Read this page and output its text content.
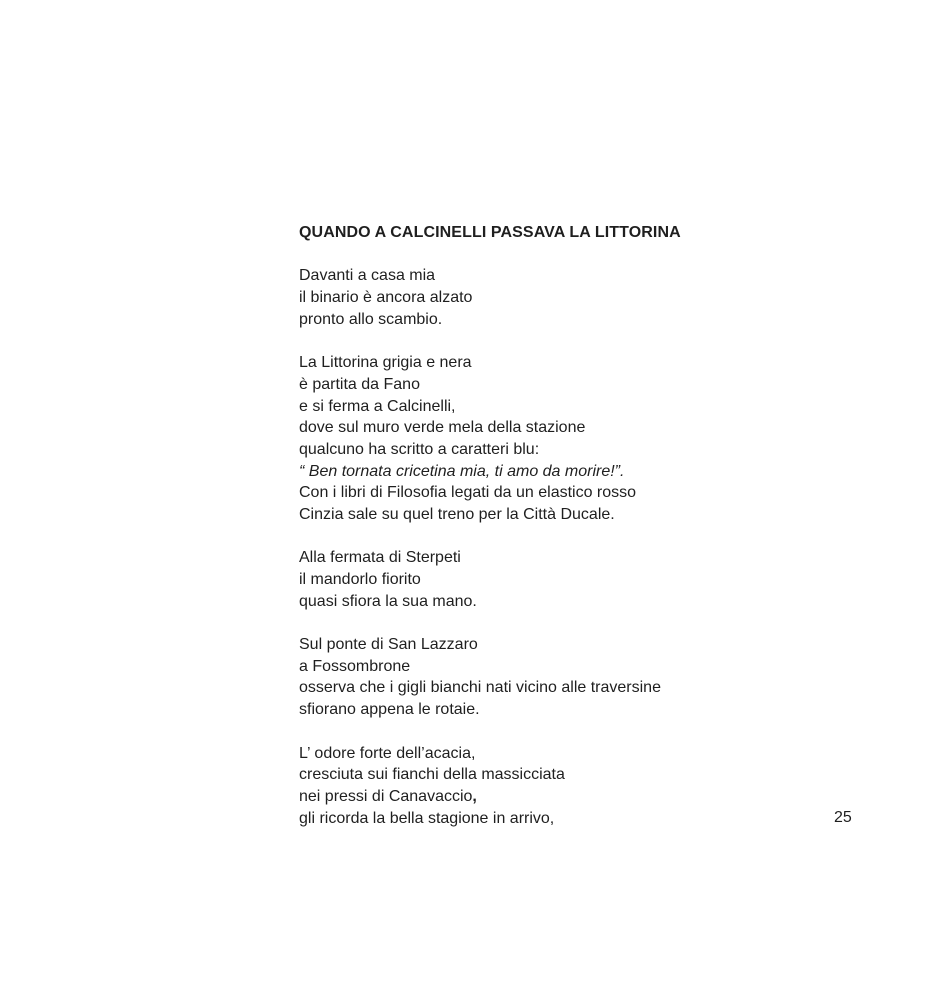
QUANDO A CALCINELLI PASSAVA LA LITTORINA
Davanti a casa mia
il binario è ancora alzato
pronto allo scambio.
La Littorina grigia e nera
è partita da Fano
e si ferma a Calcinelli,
dove sul muro verde mela della stazione
qualcuno ha scritto a caratteri blu:
“ Ben tornata cricetina mia, ti amo da morire!”.
Con i libri di Filosofia legati da un elastico rosso
Cinzia sale su quel treno per la Città Ducale.
Alla fermata di Sterpeti
il mandorlo fiorito
quasi sfiora la sua mano.
Sul ponte di San Lazzaro
a Fossombrone
osserva che i gigli bianchi nati vicino alle traversine
sfiorano appena le rotaie.
L’ odore forte dell’acacia,
cresciuta sui fianchi della massicciata
nei pressi di Canavaccio,
gli ricorda la bella stagione in arrivo,	25
